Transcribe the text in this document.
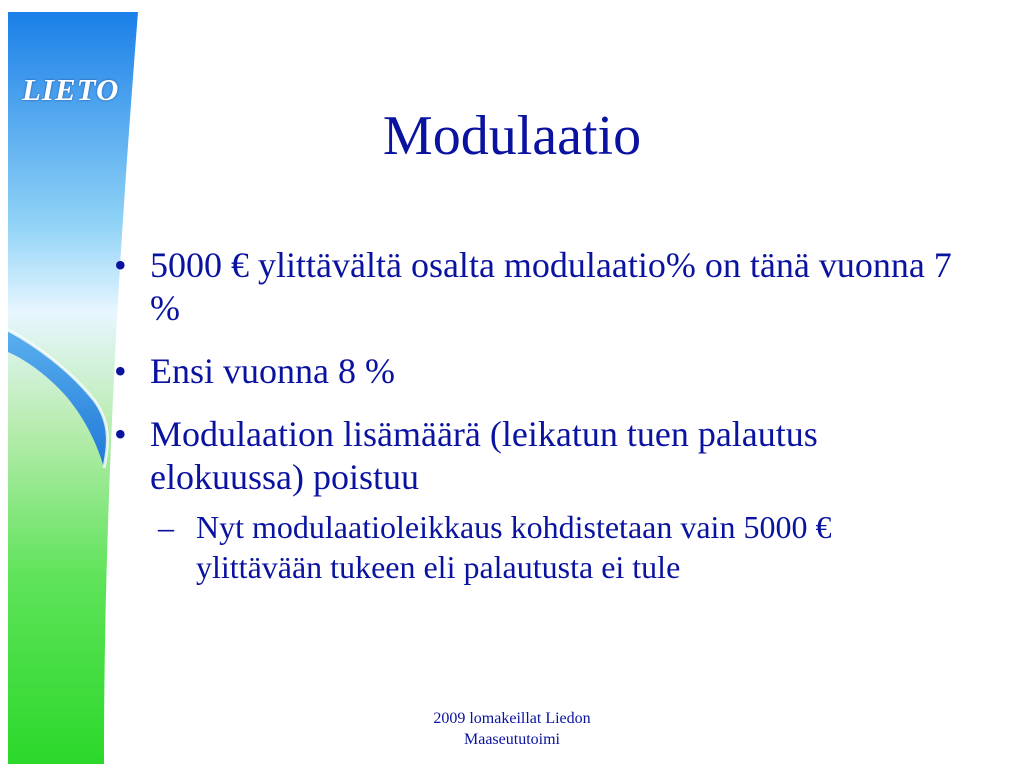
LIETO
Modulaatio
• 5000 € ylittävältä osalta modulaatio% on tänä vuonna 7 %
• Ensi vuonna 8 %
• Modulaation lisämäärä (leikatun tuen palautus elokuussa) poistuu
– Nyt modulaatioleikkaus kohdistetaan vain 5000 € ylittävään tukeen eli palautusta ei tule
2009 lomakeillat Liedon
Maaseututoimi
